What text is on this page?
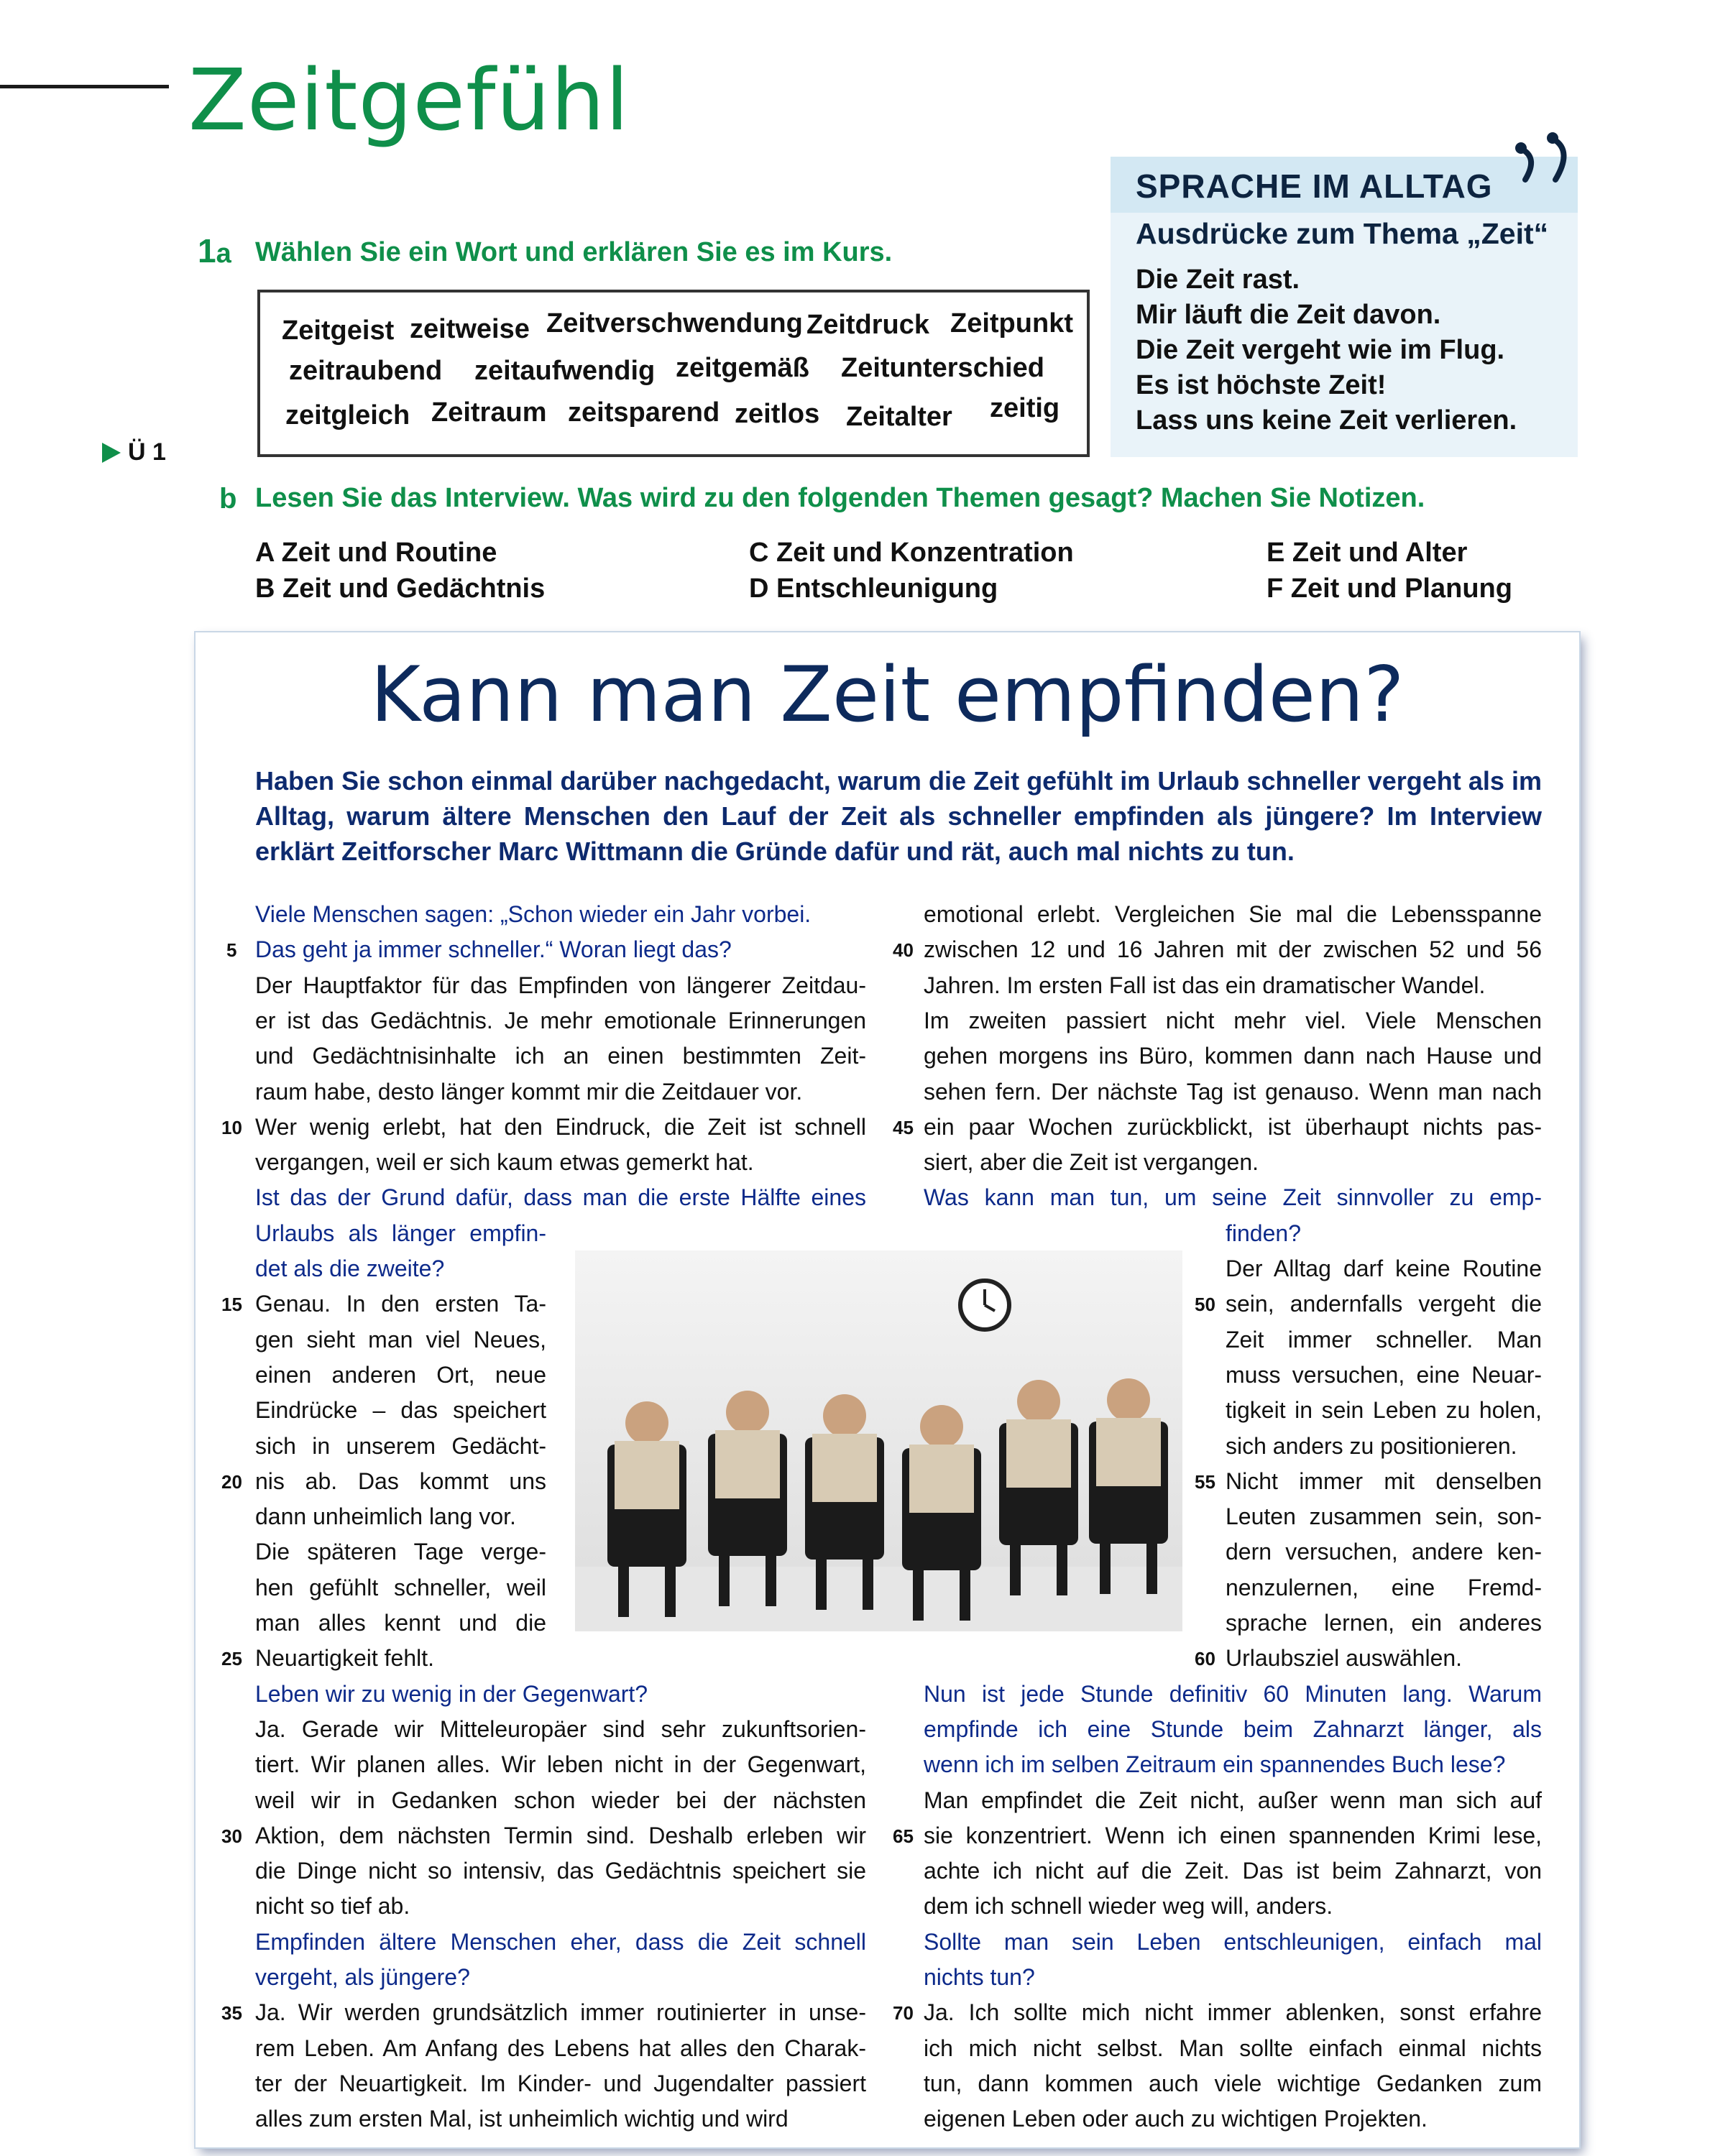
Zeitgefühl
SPRACHE IM ALLTAG
Ausdrücke zum Thema „Zeit“
Die Zeit rast.
Mir läuft die Zeit davon.
Die Zeit vergeht wie im Flug.
Es ist höchste Zeit!
Lass uns keine Zeit verlieren.
1a Wählen Sie ein Wort und erklären Sie es im Kurs.
Zeitgeist zeitweise Zeitverschwendung Zeitdruck Zeitpunkt
zeitraubend zeitaufwendig zeitgemäß Zeitunterschied
zeitgleich Zeitraum zeitsparend zeitlos Zeitalter zeitig
Ü 1
b Lesen Sie das Interview. Was wird zu den folgenden Themen gesagt? Machen Sie Notizen.
A Zeit und Routine
B Zeit und Gedächtnis
C Zeit und Konzentration
D Entschleunigung
E Zeit und Alter
F Zeit und Planung
Kann man Zeit empfinden?
Haben Sie schon einmal darüber nachgedacht, warum die Zeit gefühlt im Urlaub schneller vergeht als im Alltag, warum ältere Menschen den Lauf der Zeit als schneller empfinden als jüngere? Im Interview erklärt Zeitforscher Marc Wittmann die Gründe dafür und rät, auch mal nichts zu tun.
Viele Menschen sagen: „Schon wieder ein Jahr vorbei.
Das geht ja immer schneller.“ Woran liegt das?
Der Hauptfaktor für das Empfinden von längerer Zeitdau-
er ist das Gedächtnis. Je mehr emotionale Erinnerungen
und Gedächtnisinhalte ich an einen bestimmten Zeit-
raum habe, desto länger kommt mir die Zeitdauer vor.
Wer wenig erlebt, hat den Eindruck, die Zeit ist schnell
vergangen, weil er sich kaum etwas gemerkt hat.
Ist das der Grund dafür, dass man die erste Hälfte eines
Urlaubs als länger empfin-
det als die zweite?
Genau. In den ersten Ta-
gen sieht man viel Neues,
einen anderen Ort, neue
Eindrücke – das speichert
sich in unserem Gedächt-
nis ab. Das kommt uns
dann unheimlich lang vor.
Die späteren Tage verge-
hen gefühlt schneller, weil
man alles kennt und die
Neuartigkeit fehlt.
Leben wir zu wenig in der Gegenwart?
Ja. Gerade wir Mitteleuropäer sind sehr zukunftsorien-
tiert. Wir planen alles. Wir leben nicht in der Gegenwart,
weil wir in Gedanken schon wieder bei der nächsten
Aktion, dem nächsten Termin sind. Deshalb erleben wir
die Dinge nicht so intensiv, das Gedächtnis speichert sie
nicht so tief ab.
Empfinden ältere Menschen eher, dass die Zeit schnell
vergeht, als jüngere?
Ja. Wir werden grundsätzlich immer routinierter in unse-
rem Leben. Am Anfang des Lebens hat alles den Charak-
ter der Neuartigkeit. Im Kinder- und Jugendalter passiert
alles zum ersten Mal, ist unheimlich wichtig und wird
emotional erlebt. Vergleichen Sie mal die Lebensspanne
zwischen 12 und 16 Jahren mit der zwischen 52 und 56
Jahren. Im ersten Fall ist das ein dramatischer Wandel.
Im zweiten passiert nicht mehr viel. Viele Menschen
gehen morgens ins Büro, kommen dann nach Hause und
sehen fern. Der nächste Tag ist genauso. Wenn man nach
ein paar Wochen zurückblickt, ist überhaupt nichts pas-
siert, aber die Zeit ist vergangen.
Was kann man tun, um seine Zeit sinnvoller zu emp-
finden?
Der Alltag darf keine Routine
sein, andernfalls vergeht die
Zeit immer schneller. Man
muss versuchen, eine Neuar-
tigkeit in sein Leben zu holen,
sich anders zu positionieren.
Nicht immer mit denselben
Leuten zusammen sein, son-
dern versuchen, andere ken-
nenzulernen, eine Fremd-
sprache lernen, ein anderes
Urlaubsziel auswählen.
Nun ist jede Stunde definitiv 60 Minuten lang. Warum
empfinde ich eine Stunde beim Zahnarzt länger, als
wenn ich im selben Zeitraum ein spannendes Buch lese?
Man empfindet die Zeit nicht, außer wenn man sich auf
sie konzentriert. Wenn ich einen spannenden Krimi lese,
achte ich nicht auf die Zeit. Das ist beim Zahnarzt, von
dem ich schnell wieder weg will, anders.
Sollte man sein Leben entschleunigen, einfach mal
nichts tun?
Ja. Ich sollte mich nicht immer ablenken, sonst erfahre
ich mich nicht selbst. Man sollte einfach einmal nichts
tun, dann kommen auch viele wichtige Gedanken zum
eigenen Leben oder auch zu wichtigen Projekten.
5
10
15
20
25
30
35
40
45
50
55
60
65
70
